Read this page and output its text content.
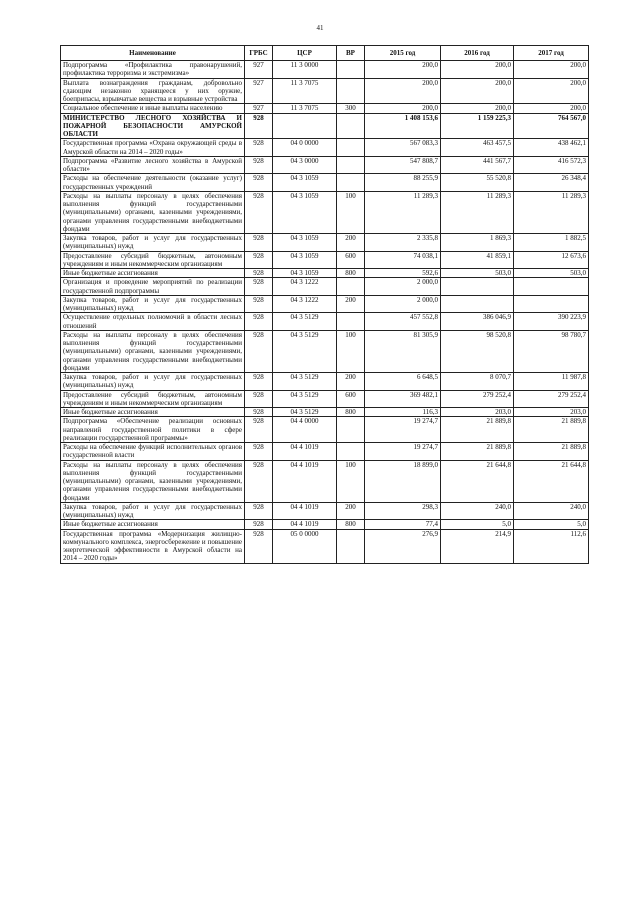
41
Наименование	ГРБС	ЦСР	ВР	2015 год	2016 год	2017 год
Подпрограмма «Профилактика правонарушений, профилактика терроризма и экстремизма»	927	11 3 0000		200,0	200,0	200,0
Выплата вознаграждения гражданам, добровольно сдающим незаконно хранящееся у них оружие, боеприпасы, взрывчатые вещества и взрывные устройства	927	11 3 7075		200,0	200,0	200,0
Социальное обеспечение и иные выплаты населению	927	11 3 7075	300	200,0	200,0	200,0
МИНИСТЕРСТВО ЛЕСНОГО ХОЗЯЙСТВА И ПОЖАРНОЙ БЕЗОПАСНОСТИ АМУРСКОЙ ОБЛАСТИ	928			1 408 153,6	1 159 225,3	764 567,0
Государственная программа «Охрана окружающей среды в Амурской области на 2014 – 2020 годы»	928	04 0 0000		567 083,3	463 457,5	438 462,1
Подпрограмма «Развитие лесного хозяйства в Амурской области»	928	04 3 0000		547 808,7	441 567,7	416 572,3
Расходы на обеспечение деятельности (оказание услуг) государственных учреждений	928	04 3 1059		88 255,9	55 520,8	26 348,4
Расходы на выплаты персоналу в целях обеспечения выполнения функций государственными (муниципальными) органами, казенными учреждениями, органами управления государственными внебюджетными фондами	928	04 3 1059	100	11 289,3	11 289,3	11 289,3
Закупка товаров, работ и услуг для государственных (муниципальных) нужд	928	04 3 1059	200	2 335,8	1 869,3	1 882,5
Предоставление субсидий бюджетным, автономным учреждениям и иным некоммерческим организациям	928	04 3 1059	600	74 038,1	41 859,1	12 673,6
Иные бюджетные ассигнования	928	04 3 1059	800	592,6	503,0	503,0
Организация и проведение мероприятий по реализации государственной подпрограммы	928	04 3 1222		2 000,0		
Закупка товаров, работ и услуг для государственных (муниципальных) нужд	928	04 3 1222	200	2 000,0		
Осуществление отдельных полномочий в области лесных отношений	928	04 3 5129		457 552,8	386 046,9	390 223,9
Расходы на выплаты персоналу в целях обеспечения выполнения функций государственными (муниципальными) органами, казенными учреждениями, органами управления государственными внебюджетными фондами	928	04 3 5129	100	81 305,9	98 520,8	98 780,7
Закупка товаров, работ и услуг для государственных (муниципальных) нужд	928	04 3 5129	200	6 648,5	8 070,7	11 987,8
Предоставление субсидий бюджетным, автономным учреждениям и иным некоммерческим организациям	928	04 3 5129	600	369 482,1	279 252,4	279 252,4
Иные бюджетные ассигнования	928	04 3 5129	800	116,3	203,0	203,0
Подпрограмма «Обеспечение реализации основных направлений государственной политики в сфере реализации государственной программы»	928	04 4 0000		19 274,7	21 889,8	21 889,8
Расходы на обеспечение функций исполнительных органов государственной власти	928	04 4 1019		19 274,7	21 889,8	21 889,8
Расходы на выплаты персоналу в целях обеспечения выполнения функций государственными (муниципальными) органами, казенными учреждениями, органами управления государственными внебюджетными фондами	928	04 4 1019	100	18 899,0	21 644,8	21 644,8
Закупка товаров, работ и услуг для государственных (муниципальных) нужд	928	04 4 1019	200	298,3	240,0	240,0
Иные бюджетные ассигнования	928	04 4 1019	800	77,4	5,0	5,0
Государственная программа «Модернизация жилищно-коммунального комплекса, энергосбережение и повышение энергетической эффективности в Амурской области на 2014 – 2020 годы»	928	05 0 0000		276,9	214,9	112,6
